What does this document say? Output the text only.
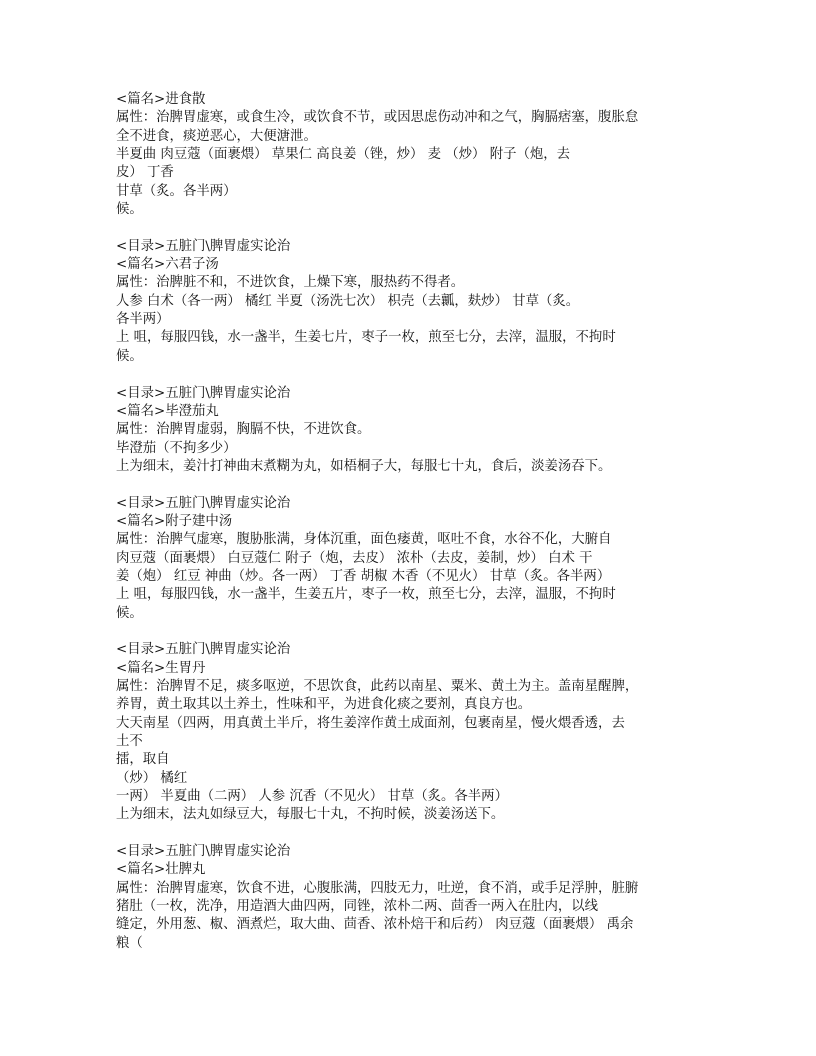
<篇名>进食散
属性：治脾胃虚寒，或食生冷，或饮食不节，或因思虑伤动冲和之气，胸膈痞塞，腹胀怠
全不进食，痰逆恶心，大便溏泄。
半夏曲 肉豆蔻（面裹煨） 草果仁 高良姜（锉，炒） 麦 （炒） 附子（炮，去
皮） 丁香
甘草（炙。各半两）
候。
<目录>五脏门\脾胃虚实论治
<篇名>六君子汤
属性：治脾脏不和，不进饮食，上燥下寒，服热药不得者。
人参 白术（各一两） 橘红 半夏（汤洗七次） 枳壳（去瓤，麸炒） 甘草（炙。
各半两）
上 咀，每服四钱，水一盏半，生姜七片，枣子一枚，煎至七分，去滓，温服，不拘时
候。
<目录>五脏门\脾胃虚实论治
<篇名>毕澄茄丸
属性：治脾胃虚弱，胸膈不快，不进饮食。
毕澄茄（不拘多少）
上为细末，姜汁打神曲末煮糊为丸，如梧桐子大，每服七十丸，食后，淡姜汤吞下。
<目录>五脏门\脾胃虚实论治
<篇名>附子建中汤
属性：治脾气虚寒，腹胁胀满，身体沉重，面色痿黄，呕吐不食，水谷不化，大腑自
肉豆蔻（面裹煨） 白豆蔻仁 附子（炮，去皮） 浓朴（去皮，姜制，炒） 白术 干
姜（炮） 红豆 神曲（炒。各一两） 丁香 胡椒 木香（不见火） 甘草（炙。各半两）
上 咀，每服四钱，水一盏半，生姜五片，枣子一枚，煎至七分，去滓，温服，不拘时
候。
<目录>五脏门\脾胃虚实论治
<篇名>生胃丹
属性：治脾胃不足，痰多呕逆，不思饮食，此药以南星、粟米、黄土为主。盖南星醒脾，
养胃，黄土取其以土养土，性味和平，为进食化痰之要剂，真良方也。
大天南星（四两，用真黄土半斤，将生姜滓作黄土成面剂，包裹南星，慢火煨香透，去
土不
擂，取自
（炒） 橘红
一两） 半夏曲（二两） 人参 沉香（不见火） 甘草（炙。各半两）
上为细末，法丸如绿豆大，每服七十丸，不拘时候，淡姜汤送下。
<目录>五脏门\脾胃虚实论治
<篇名>壮脾丸
属性：治脾胃虚寒，饮食不进，心腹胀满，四肢无力，吐逆，食不消，或手足浮肿，脏腑
猪肚（一枚，洗净，用造酒大曲四两，同锉，浓朴二两、茴香一两入在肚内，以线
缝定，外用葱、椒、酒煮烂，取大曲、茴香、浓朴焙干和后药） 肉豆蔻（面裹煨） 禹余
粮（
